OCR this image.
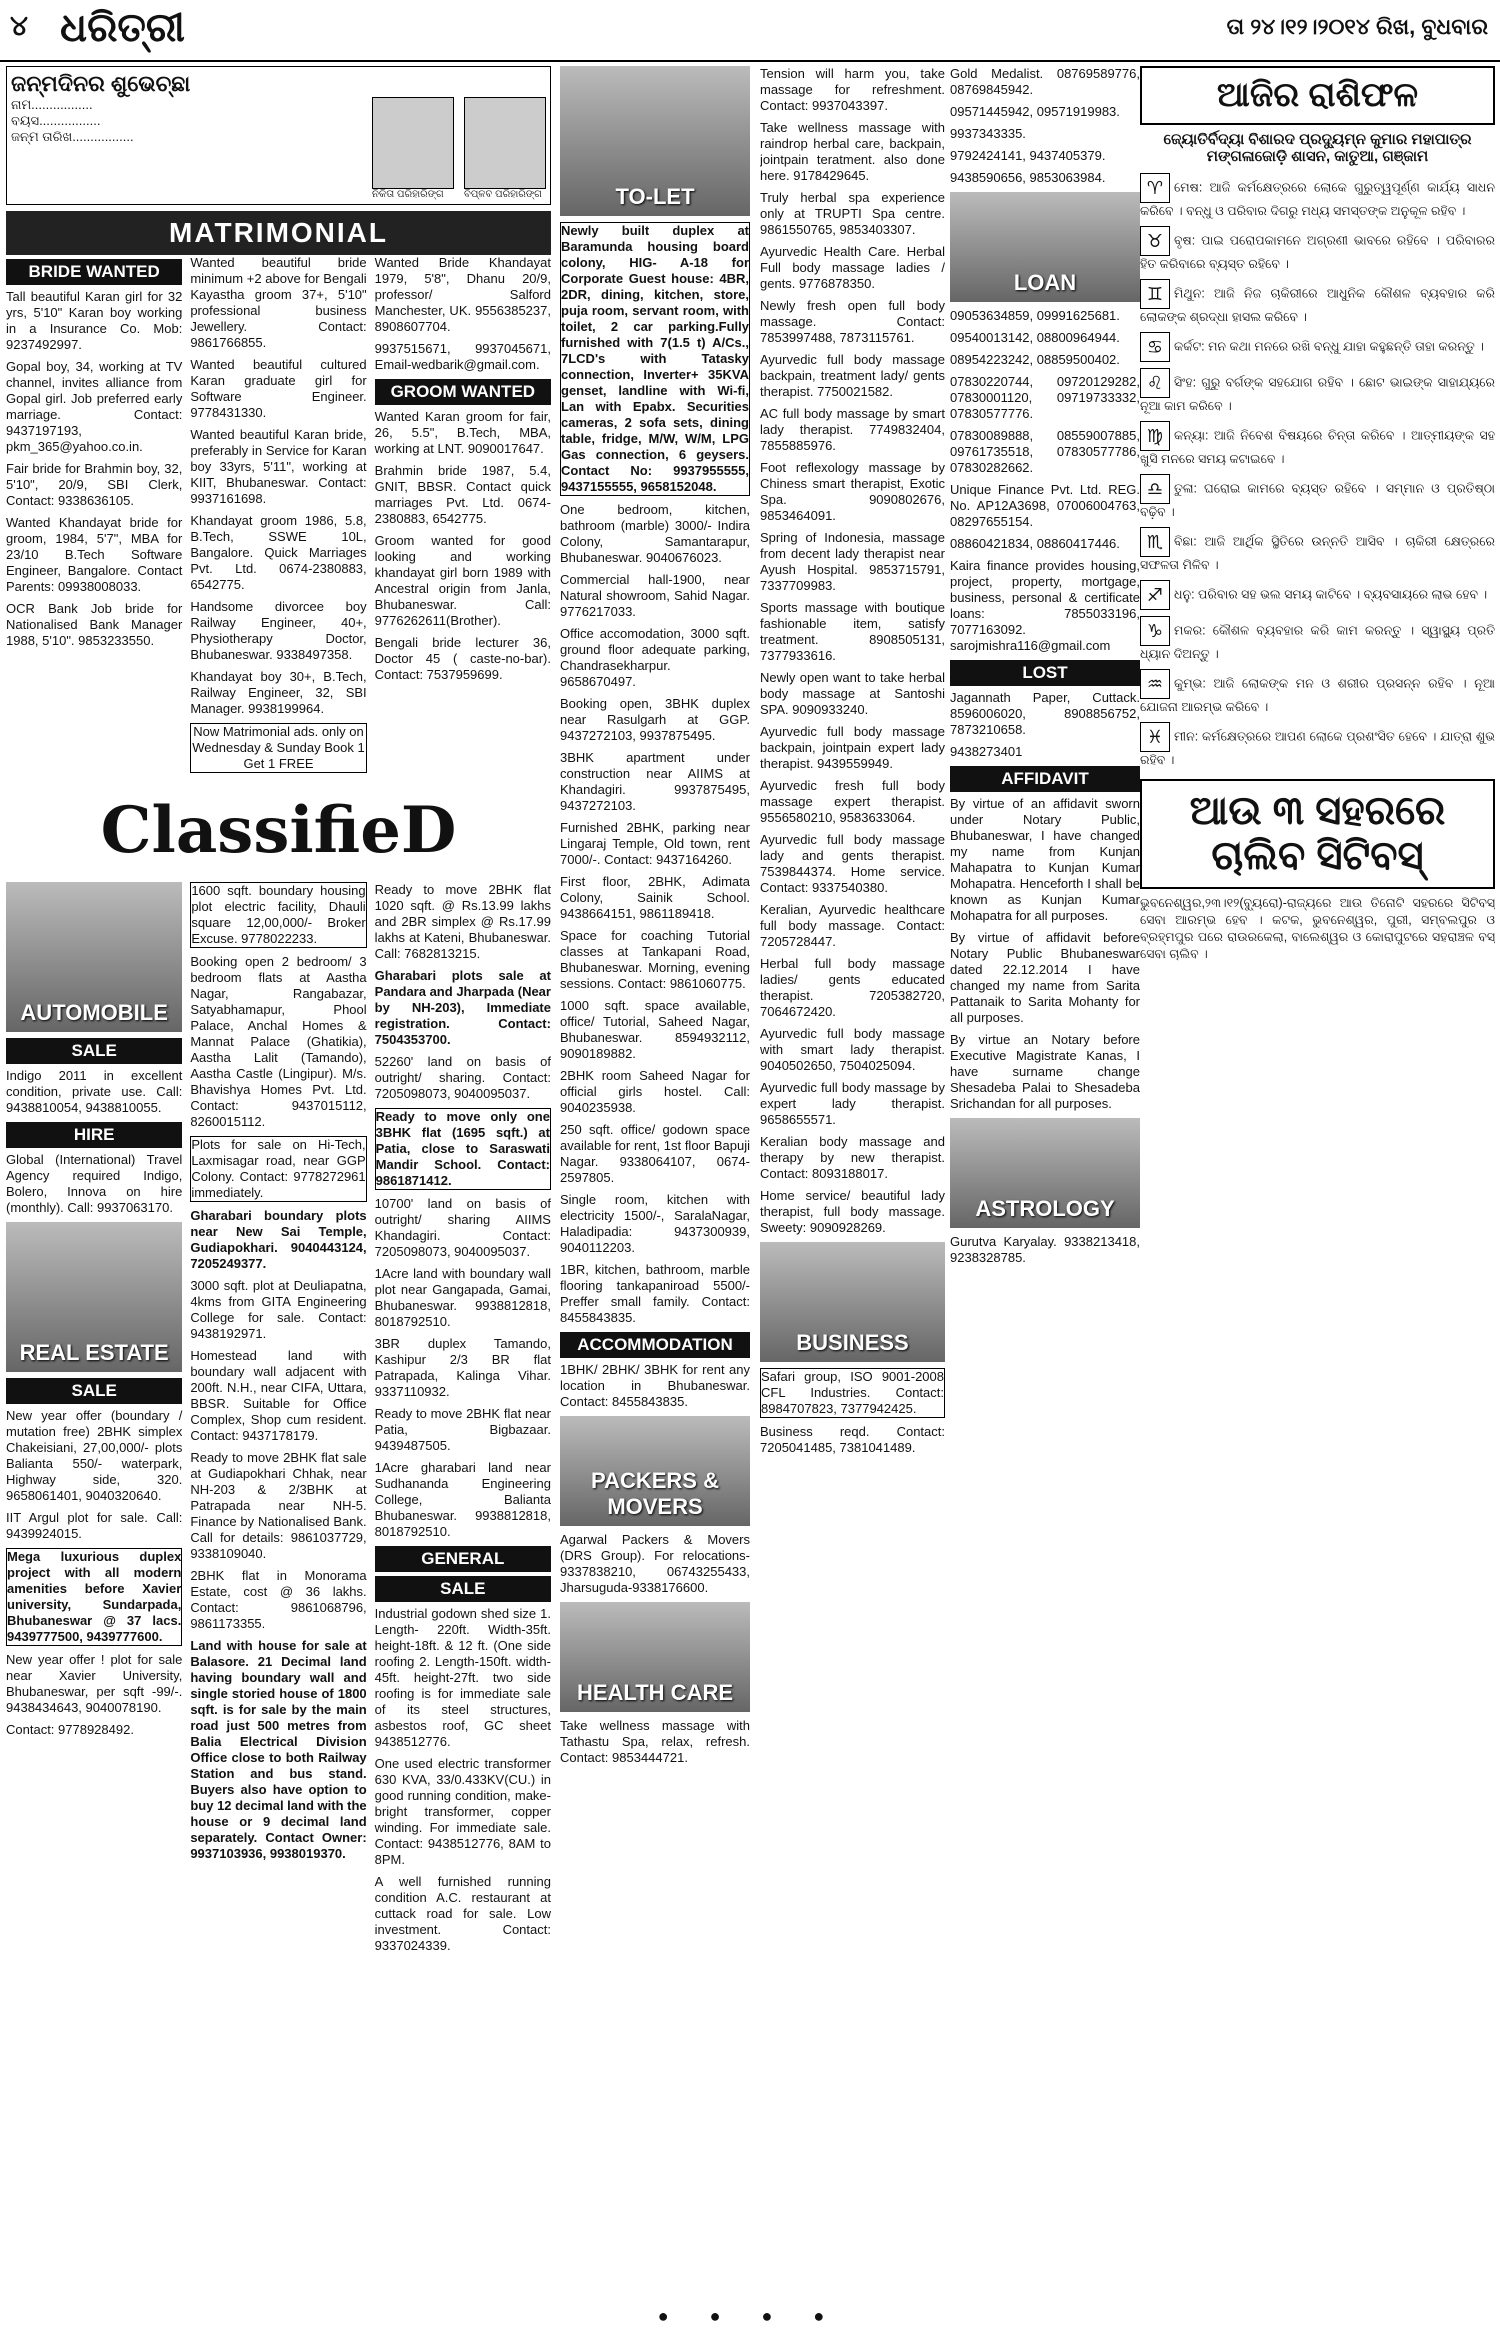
୪ ଧରିତ୍ରୀ	ତା ୨୪।୧୨।୨୦୧୪ ରିଖ, ବୁଧବାର
ଜନ୍ମଦିନର ଶୁଭେଚ୍ଛା
ନାମ.................
ବୟସ.................
ଜନ୍ମ ତାରିଖ.................
ନିକିତା ପରିହାରିଙ୍ଗ	ବିପ୍ଳବ ପରିହାରିଙ୍ଗ
MATRIMONIAL
BRIDE WANTED
Tall beautiful Karan girl for 32 yrs, 5'10" Karan boy working in a Insurance Co. Mob: 9237492997.
Gopal boy, 34, working at TV channel, invites alliance from Gopal girl. Job preferred early marriage. Contact: 9437197193, pkm_365@yahoo.co.in.
Fair bride for Brahmin boy, 32, 5'10", 20/9, SBI Clerk, Contact: 9338636105.
Wanted Khandayat bride for groom, 1984, 5'7", MBA for 23/10 B.Tech Software Engineer, Bangalore. Contact Parents: 09938008033.
OCR Bank Job bride for Nationalised Bank Manager 1988, 5'10". 9853233550.
Wanted beautiful bride minimum +2 above for Bengali Kayastha groom 37+, 5'10" professional business Jewellery. Contact: 9861766855.
Wanted beautiful cultured Karan graduate girl for Software Engineer. 9778431330.
Wanted beautiful Karan bride, preferably in Service for Karan boy 33yrs, 5'11", working at KIIT, Bhubaneswar. Contact: 9937161698.
Khandayat groom 1986, 5.8, B.Tech, SSWE 10L, Bangalore. Quick Marriages Pvt. Ltd. 0674-2380883, 6542775.
Handsome divorcee boy Railway Engineer, 40+, Physiotherapy Doctor, Bhubaneswar. 9338497358.
Khandayat boy 30+, B.Tech, Railway Engineer, 32, SBI Manager. 9938199964.
Now Matrimonial ads. only on Wednesday & Sunday Book 1 Get 1 FREE
Wanted Bride Khandayat 1979, 5'8", Dhanu 20/9, professor/ Salford Manchester, UK. 9556385237, 8908607704.
9937515671, 9937045671, Email-wedbarik@gmail.com.
GROOM WANTED
Wanted Karan groom for fair, 26, 5.5", B.Tech, MBA, working at LNT. 9090017647.
Brahmin bride 1987, 5.4, GNIT, BBSR. Contact quick marriages Pvt. Ltd. 0674-2380883, 6542775.
Groom wanted for good looking and working khandayat girl born 1989 with Ancestral origin from Janla, Bhubaneswar. Call: 9776262611(Brother).
Bengali bride lecturer 36, Doctor 45 ( caste-no-bar). Contact: 7537959699.
ClassifieD
AUTOMOBILE
SALE
Indigo 2011 in excellent condition, private use. Call: 9438810054, 9438810055.
HIRE
Global (International) Travel Agency required Indigo, Bolero, Innova on hire (monthly). Call: 9937063170.
REAL ESTATE
SALE
New year offer (boundary / mutation free) 2BHK simplex Chakeisiani, 27,00,000/- plots Balianta 550/- waterpark, Highway side, 320. 9658061401, 9040320640.
IIT Argul plot for sale. Call: 9439924015.
Mega luxurious duplex project with all modern amenities before Xavier university, Sundarpada, Bhubaneswar @ 37 lacs. 9439777500, 9439777600.
New year offer ! plot for sale near Xavier University, Bhubaneswar, per sqft -99/-. 9438434643, 9040078190.
Contact: 9778928492.
1600 sqft. boundary housing plot electric facility, Dhauli square 12,00,000/- Broker Excuse. 9778022233.
Booking open 2 bedroom/ 3 bedroom flats at Aastha Nagar, Rangabazar, Satyabhamapur, Phool Palace, Anchal Homes & Mannat Palace (Ghatikia), Aastha Lalit (Tamando), Aastha Castle (Lingipur). M/s. Bhavishya Homes Pvt. Ltd. Contact: 9437015112, 8260015112.
Plots for sale on Hi-Tech, Laxmisagar road, near GGP Colony. Contact: 9778272961 immediately.
Gharabari boundary plots near New Sai Temple, Gudiapokhari. 9040443124, 7205249377.
3000 sqft. plot at Deuliapatna, 4kms from GITA Engineering College for sale. Contact: 9438192971.
Homestead land with boundary wall adjacent with 200ft. N.H., near CIFA, Uttara, BBSR. Suitable for Office Complex, Shop cum resident. Contact: 9437178179.
Ready to move 2BHK flat sale at Gudiapokhari Chhak, near NH-203 & 2/3BHK at Patrapada near NH-5. Finance by Nationalised Bank. Call for details: 9861037729, 9338109040.
2BHK flat in Monorama Estate, cost @ 36 lakhs. Contact: 9861068796, 9861173355.
Land with house for sale at Balasore. 21 Decimal land having boundary wall and single storied house of 1800 sqft. is for sale by the main road just 500 metres from Balia Electrical Division Office close to both Railway Station and bus stand. Buyers also have option to buy 12 decimal land with the house or 9 decimal land separately. Contact Owner: 9937103936, 9938019370.
Ready to move 2BHK flat 1020 sqft. @ Rs.13.99 lakhs and 2BR simplex @ Rs.17.99 lakhs at Kateni, Bhubaneswar. Call: 7682813215.
Gharabari plots sale at Pandara and Jharpada (Near by NH-203), Immediate registration. Contact: 7504353700.
52260' land on basis of outright/ sharing. Contact: 7205098073, 9040095037.
Ready to move only one 3BHK flat (1695 sqft.) at Patia, close to Saraswati Mandir School. Contact: 9861871412.
10700' land on basis of outright/ sharing AIIMS Khandagiri. Contact: 7205098073, 9040095037.
1Acre land with boundary wall plot near Gangapada, Gamai, Bhubaneswar. 9938812818, 8018792510.
3BR duplex Tamando, Kashipur 2/3 BR flat Patrapada, Kalinga Vihar. 9337110932.
Ready to move 2BHK flat near Patia, Bigbazaar. 9439487505.
1Acre gharabari land near Sudhananda Engineering College, Balianta Bhubaneswar. 9938812818, 8018792510.
GENERAL
SALE
Industrial godown shed size 1. Length- 220ft. Width-35ft. height-18ft. & 12 ft. (One side roofing 2. Length-150ft. width-45ft. height-27ft. two side roofing is for immediate sale of its steel structures, asbestos roof, GC sheet 9438512776.
One used electric transformer 630 KVA, 33/0.433KV(CU.) in good running condition, make-bright transformer, copper winding. For immediate sale. Contact: 9438512776, 8AM to 8PM.
A well furnished running condition A.C. restaurant at cuttack road for sale. Low investment. Contact: 9337024339.
TO-LET
Newly built duplex at Baramunda housing board colony, HIG- A-18 for Corporate Guest house: 4BR, 2DR, dining, kitchen, store, puja room, servant room, with toilet, 2 car parking.Fully furnished with 7(1.5 t) A/Cs., 7LCD's with Tatasky connection, Inverter+ 35KVA genset, landline with Wi-fi, Lan with Epabx. Securities cameras, 2 sofa sets, dining table, fridge, M/W, W/M, LPG Gas connection, 6 geysers. Contact No: 9937955555, 9437155555, 9658152048.
One bedroom, kitchen, bathroom (marble) 3000/- Indira Colony, Samantarapur, Bhubaneswar. 9040676023.
Commercial hall-1900, near Natural showroom, Sahid Nagar. 9776217033.
Office accomodation, 3000 sqft. ground floor adequate parking, Chandrasekharpur. 9658670497.
Booking open, 3BHK duplex near Rasulgarh at GGP. 9437272103, 9937875495.
3BHK apartment under construction near AIIMS at Khandagiri. 9937875495, 9437272103.
Furnished 2BHK, parking near Lingaraj Temple, Old town, rent 7000/-. Contact: 9437164260.
First floor, 2BHK, Adimata Colony, Sainik School. 9438664151, 9861189418.
Space for coaching Tutorial classes at Tankapani Road, Bhubaneswar. Morning, evening sessions. Contact: 9861060775.
1000 sqft. space available, office/ Tutorial, Saheed Nagar, Bhubaneswar. 8594932112, 9090189882.
2BHK room Saheed Nagar for official girls hostel. Call: 9040235938.
250 sqft. office/ godown space available for rent, 1st floor Bapuji Nagar. 9338064107, 0674-2597805.
Single room, kitchen with electricity 1500/-, SaralaNagar, Haladipadia: 9437300939, 9040112203.
1BR, kitchen, bathroom, marble flooring tankapaniroad 5500/- Preffer small family. Contact: 8455843835.
ACCOMMODATION
1BHK/ 2BHK/ 3BHK for rent any location in Bhubaneswar. Contact: 8455843835.
PACKERS & MOVERS
Agarwal Packers & Movers (DRS Group). For relocations- 9337838210, 06743255433, Jharsuguda-9338176600.
HEALTH CARE
Take wellness massage with Tathastu Spa, relax, refresh. Contact: 9853444721.
Tension will harm you, take massage for refreshment. Contact: 9937043397.
Take wellness massage with raindrop herbal care, backpain, jointpain teratment. also done here. 9178429645.
Truly herbal spa experience only at TRUPTI Spa centre. 9861550765, 9853403307.
Ayurvedic Health Care. Herbal Full body massage ladies / gents. 9776878350.
Newly fresh open full body massage. Contact: 7853997488, 7873115761.
Ayurvedic full body massage backpain, treatment lady/ gents therapist. 7750021582.
AC full body massage by smart lady therapist. 7749832404, 7855885976.
Foot reflexology massage by Chiness smart therapist, Exotic Spa. 9090802676, 9853464091.
Spring of Indonesia, massage from decent lady therapist near Ayush Hospital. 9853715791, 7337709983.
Sports massage with boutique fashionable item, satisfy treatment. 8908505131, 7377933616.
Newly open want to take herbal body massage at Santoshi SPA. 9090933240.
Ayurvedic full body massage backpain, jointpain expert lady therapist. 9439559949.
Ayurvedic fresh full body massage expert therapist. 9556580210, 9583633064.
Ayurvedic full body massage lady and gents therapist. 7539844374. Home service. Contact: 9337540380.
Keralian, Ayurvedic healthcare full body massage. Contact: 7205728447.
Herbal full body massage ladies/ gents educated therapist. 7205382720, 7064672420.
Ayurvedic full body massage with smart lady therapist. 9040502650, 7504025094.
Ayurvedic full body massage by expert lady therapist. 9658655571.
Keralian body massage and therapy by new therapist. Contact: 8093188017.
Home service/ beautiful lady therapist, full body massage. Sweety: 9090928269.
BUSINESS
Safari group, ISO 9001-2008 CFL Industries. Contact: 8984707823, 7377942425.
Business reqd. Contact: 7205041485, 7381041489.
Gold Medalist. 08769589776, 08769845942.
09571445942, 09571919983.
9937343335.
9792424141, 9437405379.
9438590656, 9853063984.
LOAN
09053634859, 09991625681.
09540013142, 08800964944.
08954223242, 08859500402.
07830220744, 09720129282, 07830001120, 09719733332, 07830577776.
07830089888, 08559007885, 09761735518, 07830577786, 07830282662.
Unique Finance Pvt. Ltd. REG. No. AP12A3698, 07006004763, 08297655154.
08860421834, 08860417446.
Kaira finance provides housing, project, property, mortgage, business, personal & certificate loans: 7855033196, 7077163092. sarojmishra116@gmail.com
LOST
Jagannath Paper, Cuttack. 8596006020, 8908856752, 7873210658.
9438273401
AFFIDAVIT
By virtue of an affidavit sworn under Notary Public, Bhubaneswar, I have changed my name from Kunjan Mahapatra to Kunjan Kumar Mohapatra. Henceforth I shall be known as Kunjan Kumar Mohapatra for all purposes.
By virtue of affidavit before Notary Public Bhubaneswar dated 22.12.2014 I have changed my name from Sarita Pattanaik to Sarita Mohanty for all purposes.
By virtue an Notary before Executive Magistrate Kanas, I have surname change Shesadeba Palai to Shesadeba Srichandan for all purposes.
ASTROLOGY
Gurutva Karyalay. 9338213418, 9238328785.
ଆଜିର ରାଶିଫଳ
ଜ୍ୟୋତିର୍ବିଦ୍ୟା ବିଶାରଦ ପ୍ରଦ୍ୟୁମ୍ନ କୁମାର ମହାପାତ୍ର ମଙ୍ଗଳାଜୋଡ଼ି ଶାସନ, କାତୁଆ, ଗଞ୍ଜାମ
♈ ମେଷ: ଆଜି କର୍ମକ୍ଷେତ୍ରରେ ଲୋକେ ଗୁରୁତ୍ୱପୂର୍ଣ୍ଣ କାର୍ଯ୍ୟ ସାଧନ କରିବେ । ବନ୍ଧୁ ଓ ପରିବାର ଦିଗରୁ ମଧ୍ୟ ସମସ୍ତଙ୍କ ଅନୁକୂଳ ରହିବ ।
♉ ବୃଷ: ପାଇ ପରୋପକାମନେ ଅଗ୍ରଣୀ ଭାବରେ ରହିବେ । ପରିବାରର ହିତ କରିବାରେ ବ୍ୟସ୍ତ ରହିବେ ।
♊ ମିଥୁନ: ଆଜି ନିଜ ଚାକିରୀରେ ଆଧୁନିକ କୌଶଳ ବ୍ୟବହାର କରି ଲୋକଙ୍କ ଶ୍ରଦ୍ଧା ହାସଲ କରିବେ ।
♋ କର୍କଟ: ମନ କଥା ମନରେ ରଖି ବନ୍ଧୁ ଯାହା କହୁଛନ୍ତି ତାହା କରନ୍ତୁ ।
♌ ସିଂହ: ଗୁରୁ ବର୍ଗଙ୍କ ସହଯୋଗ ରହିବ । ଛୋଟ ଭାଇଙ୍କ ସାହାଯ୍ୟରେ ନୂଆ କାମ କରିବେ ।
♍ କନ୍ୟା: ଆଜି ନିବେଶ ବିଷୟରେ ଚିନ୍ତା କରିବେ । ଆତ୍ମୀୟଙ୍କ ସହ ଖୁସି ମନରେ ସମୟ କଟାଇବେ ।
♎ ତୁଳା: ଘରୋଇ କାମରେ ବ୍ୟସ୍ତ ରହିବେ । ସମ୍ମାନ ଓ ପ୍ରତିଷ୍ଠା ବଢ଼ିବ ।
♏ ବିଛା: ଆଜି ଆର୍ଥିକ ସ୍ଥିତିରେ ଉନ୍ନତି ଆସିବ । ଚାକିରୀ କ୍ଷେତ୍ରରେ ସଫଳତା ମିଳିବ ।
♐ ଧନୁ: ପରିବାର ସହ ଭଲ ସମୟ କାଟିବେ । ବ୍ୟବସାୟରେ ଲାଭ ହେବ ।
♑ ମକର: କୌଶଳ ବ୍ୟବହାର କରି କାମ କରନ୍ତୁ । ସ୍ୱାସ୍ଥ୍ୟ ପ୍ରତି ଧ୍ୟାନ ଦିଅନ୍ତୁ ।
♒ କୁମ୍ଭ: ଆଜି ଲୋକଙ୍କ ମନ ଓ ଶରୀର ପ୍ରସନ୍ନ ରହିବ । ନୂଆ ଯୋଜନା ଆରମ୍ଭ କରିବେ ।
♓ ମୀନ: କର୍ମକ୍ଷେତ୍ରରେ ଆପଣ ଲୋକେ ପ୍ରଶଂସିତ ହେବେ । ଯାତ୍ରା ଶୁଭ ରହିବ ।
ଆଉ ୩ ସହରରେ ଚାଲିବ ସିଟିବସ୍
ଭୁବନେଶ୍ୱର,୨୩।୧୨(ବ୍ୟୁରୋ)-ରାଜ୍ୟରେ ଆଉ ତିନୋଟି ସହରରେ ସିଟିବସ୍ ସେବା ଆରମ୍ଭ ହେବ । କଟକ, ଭୁବନେଶ୍ୱର, ପୁରୀ, ସମ୍ବଲପୁର ଓ ବ୍ରହ୍ମପୁର ପରେ ରାଉରକେଲା, ବାଲେଶ୍ୱର ଓ କୋରାପୁଟରେ ସହରାଞ୍ଚଳ ବସ୍ ସେବା ଚାଲିବ ।
● ● ● ●
